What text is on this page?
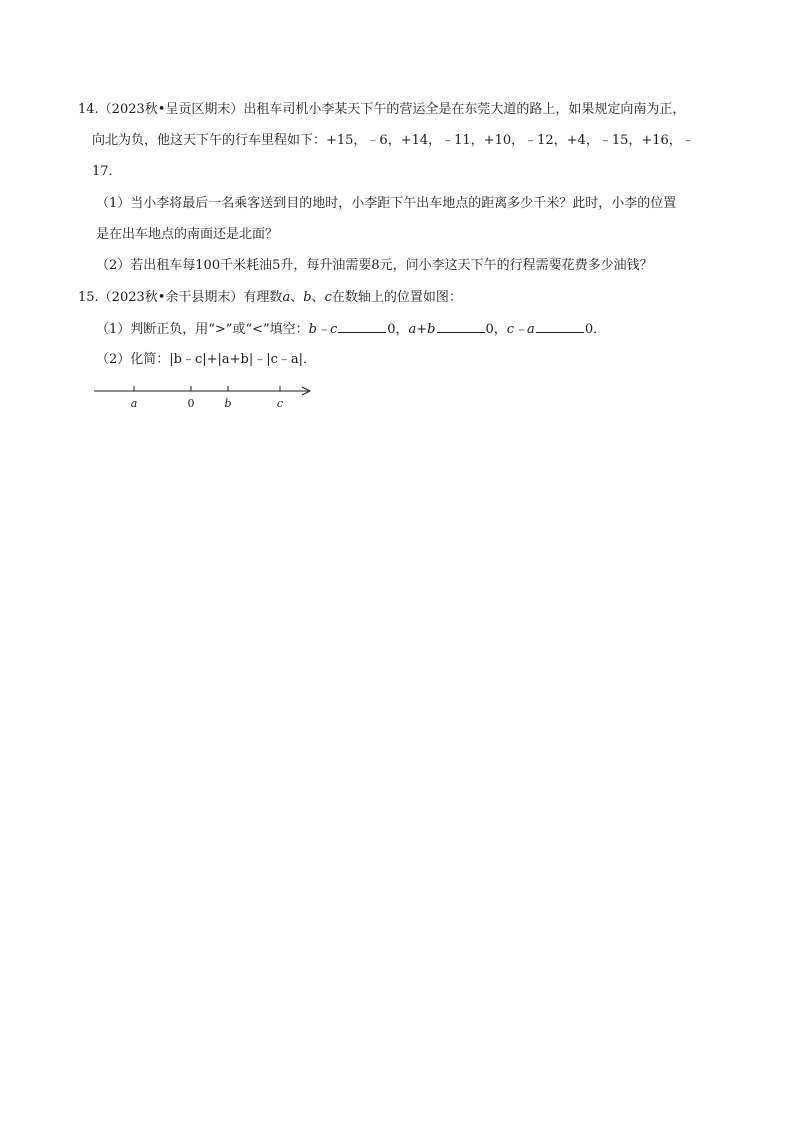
14.（2023秋•呈贡区期末）出租车司机小李某天下午的营运全是在东莞大道的路上，如果规定向南为正，
向北为负，他这天下午的行车里程如下：+15，﹣6，+14，﹣11，+10，﹣12，+4，﹣15，+16，﹣
17．
（1）当小李将最后一名乘客送到目的地时，小李距下午出车地点的距离多少千米？此时，小李的位置
是在出车地点的南面还是北面？
（2）若出租车每100千米耗油5升，每升油需要8元，问小李这天下午的行程需要花费多少油钱？
15.（2023秋•余干县期末）有理数a、b、c在数轴上的位置如图：
（1）判断正负，用“>”或“<”填空：b﹣c	0，a+b	0，c﹣a	0．
（2）化简：|b﹣c|+|a+b|﹣|c﹣a|．
a	0	b	c
